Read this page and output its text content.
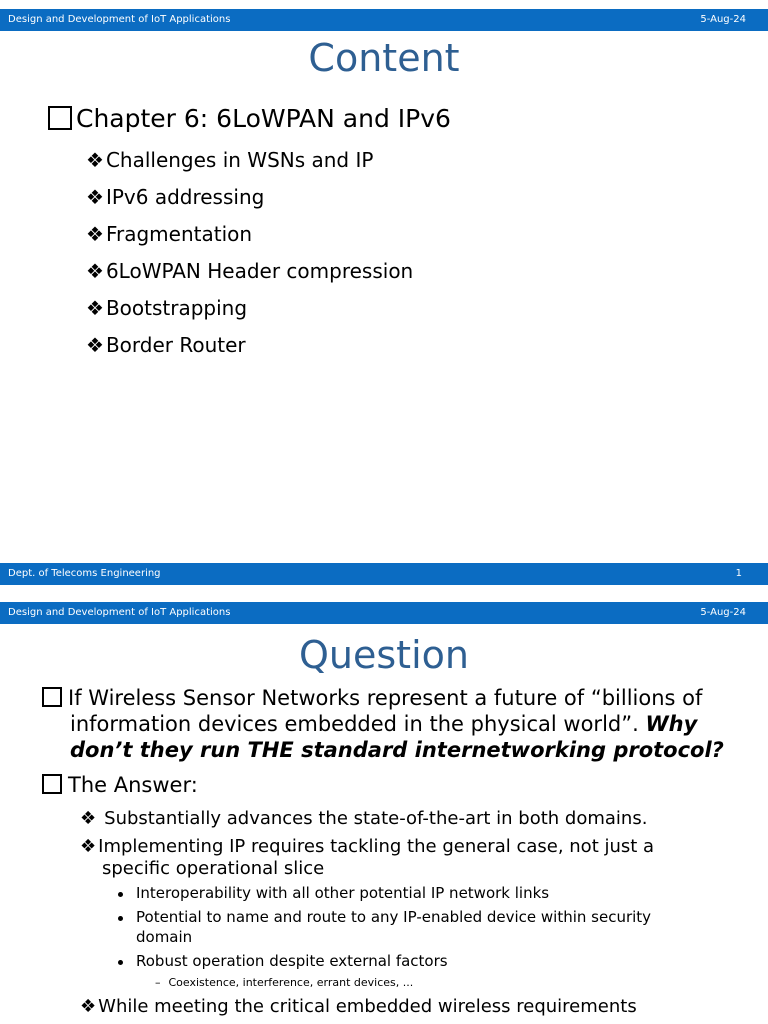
Design and Development of IoT Applications	5-Aug-24
Content
Chapter 6: 6LoWPAN and IPv6
❖ Challenges in WSNs and IP
❖ IPv6 addressing
❖ Fragmentation
❖ 6LoWPAN Header compression
❖ Bootstrapping
❖ Border Router
Dept. of Telecoms Engineering	1
Design and Development of IoT Applications	5-Aug-24
Question
If Wireless Sensor Networks represent a future of “billions of
information devices embedded in the physical world”. Why
don’t they run THE standard internetworking protocol?
The Answer:
❖ Substantially advances the state-of-the-art in both domains.
❖ Implementing IP requires tackling the general case, not just a
specific operational slice
Interoperability with all other potential IP network links
Potential to name and route to any IP-enabled device within security
domain
Robust operation despite external factors
– Coexistence, interference, errant devices, ...
❖ While meeting the critical embedded wireless requirements
